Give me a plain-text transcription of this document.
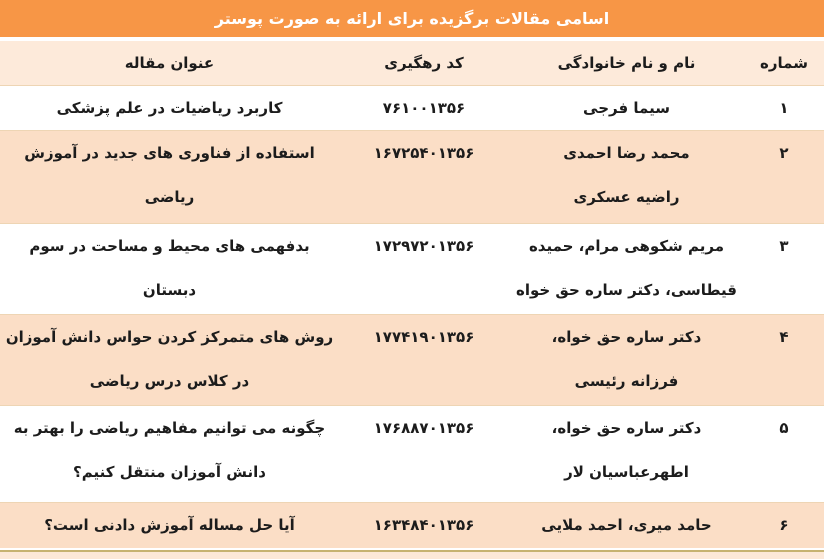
اسامی مقالات برگزیده برای ارائه به صورت پوستر
شماره
نام و نام خانوادگی
کد رهگیری
عنوان مقاله
۱
سیما فرجی
۷۶۱۰۰۱۳۵۶
کاربرد ریاضیات در علم پزشکی
۲
محمد رضا احمدی
راضیه عسکری
۱۶۷۲۵۴۰۱۳۵۶
استفاده از فناوری های جدید در آموزش
ریاضی
۳
مریم شکوهی مرام، حمیده
قیطاسی، دکتر ساره حق خواه
۱۷۲۹۷۲۰۱۳۵۶
بدفهمی های محیط و مساحت در سوم دبستان
۴
دکتر ساره حق خواه،
فرزانه رئیسی
۱۷۷۴۱۹۰۱۳۵۶
روش های متمرکز کردن حواس دانش آموزان
در کلاس درس ریاضی
۵
دکتر ساره حق خواه،
اطهرعباسیان لار
۱۷۶۸۸۷۰۱۳۵۶
چگونه می توانیم مفاهیم ریاضی را بهتر به
دانش آموزان منتقل کنیم؟
۶
حامد میری، احمد ملایی
۱۶۳۴۸۴۰۱۳۵۶
آیا حل مساله آموزش دادنی است؟
